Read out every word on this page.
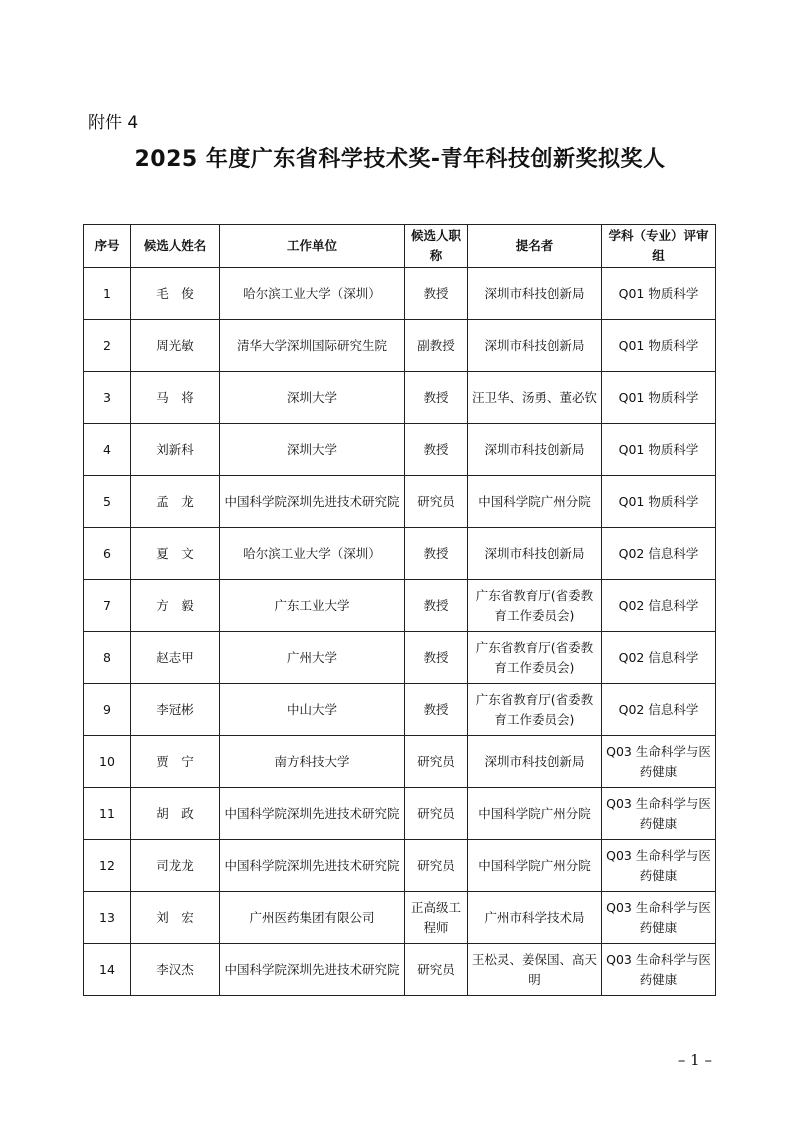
附件 4
2025 年度广东省科学技术奖-青年科技创新奖拟奖人
序号	候选人姓名	工作单位	候选人职称	提名者	学科（专业）评审组
1	毛　俊	哈尔滨工业大学（深圳）	教授	深圳市科技创新局	Q01 物质科学
2	周光敏	清华大学深圳国际研究生院	副教授	深圳市科技创新局	Q01 物质科学
3	马　将	深圳大学	教授	汪卫华、汤勇、董必钦	Q01 物质科学
4	刘新科	深圳大学	教授	深圳市科技创新局	Q01 物质科学
5	孟　龙	中国科学院深圳先进技术研究院	研究员	中国科学院广州分院	Q01 物质科学
6	夏　文	哈尔滨工业大学（深圳）	教授	深圳市科技创新局	Q02 信息科学
7	方　毅	广东工业大学	教授	广东省教育厅(省委教育工作委员会)	Q02 信息科学
8	赵志甲	广州大学	教授	广东省教育厅(省委教育工作委员会)	Q02 信息科学
9	李冠彬	中山大学	教授	广东省教育厅(省委教育工作委员会)	Q02 信息科学
10	贾　宁	南方科技大学	研究员	深圳市科技创新局	Q03 生命科学与医药健康
11	胡　政	中国科学院深圳先进技术研究院	研究员	中国科学院广州分院	Q03 生命科学与医药健康
12	司龙龙	中国科学院深圳先进技术研究院	研究员	中国科学院广州分院	Q03 生命科学与医药健康
13	刘　宏	广州医药集团有限公司	正高级工程师	广州市科学技术局	Q03 生命科学与医药健康
14	李汉杰	中国科学院深圳先进技术研究院	研究员	王松灵、姜保国、高天明	Q03 生命科学与医药健康
– 1 –
